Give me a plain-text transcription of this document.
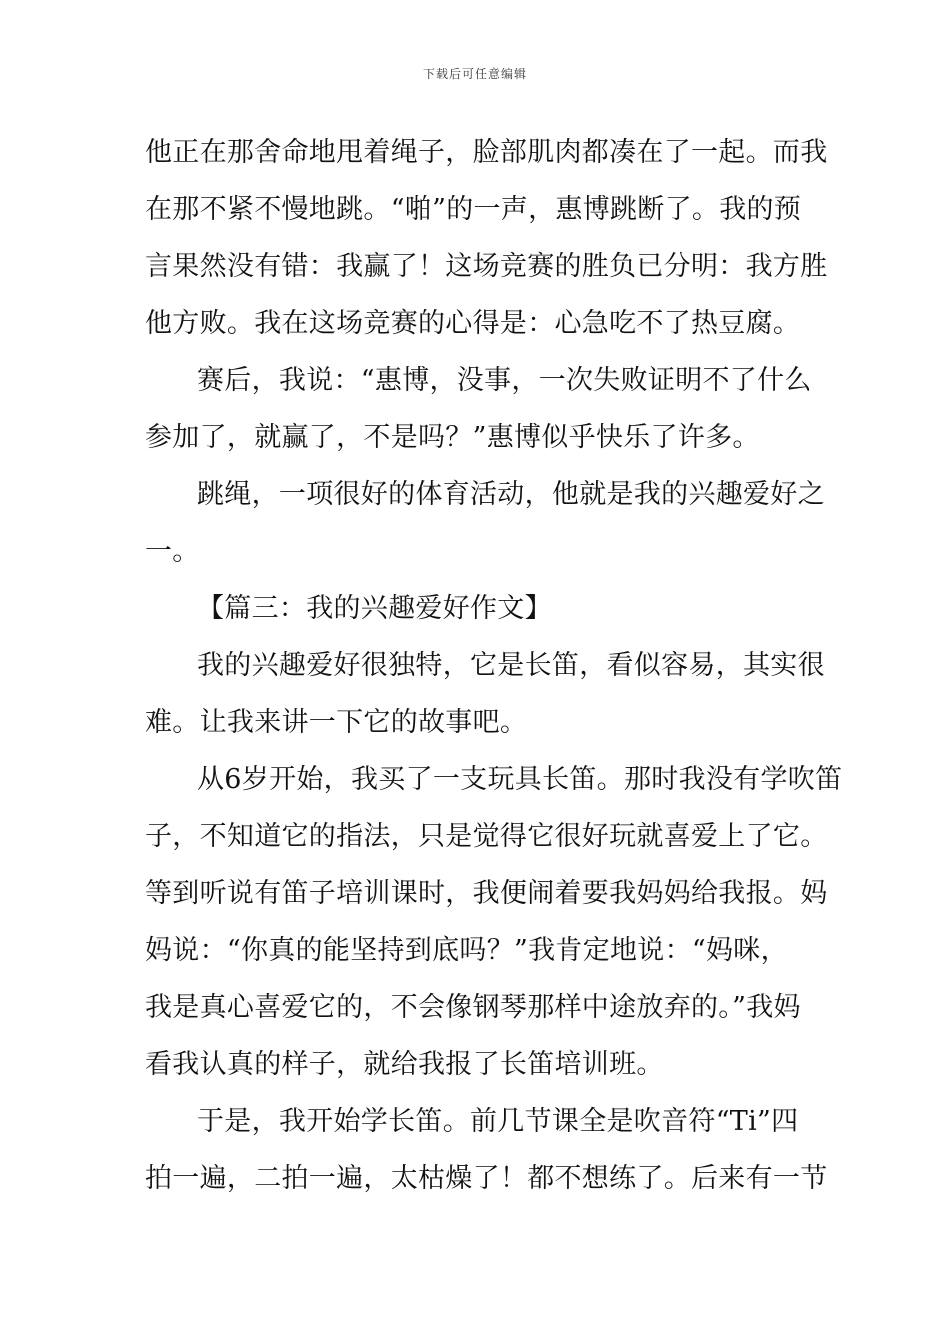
下载后可任意编辑
他正在那舍命地甩着绳子，脸部肌肉都凑在了一起。而我
在那不紧不慢地跳。“啪”的一声，惠博跳断了。我的预
言果然没有错：我赢了！这场竞赛的胜负已分明：我方胜
他方败。我在这场竞赛的心得是：心急吃不了热豆腐。
赛后，我说：“惠博，没事，一次失败证明不了什么
参加了，就赢了，不是吗？”惠博似乎快乐了许多。
跳绳，一项很好的体育活动，他就是我的兴趣爱好之
一。
【篇三：我的兴趣爱好作文】
我的兴趣爱好很独特，它是长笛，看似容易，其实很
难。让我来讲一下它的故事吧。
从6岁开始，我买了一支玩具长笛。那时我没有学吹笛
子，不知道它的指法，只是觉得它很好玩就喜爱上了它。
等到听说有笛子培训课时，我便闹着要我妈妈给我报。妈
妈说：“你真的能坚持到底吗？”我肯定地说：“妈咪，
我是真心喜爱它的，不会像钢琴那样中途放弃的。”我妈
看我认真的样子，就给我报了长笛培训班。
于是，我开始学长笛。前几节课全是吹音符“Ti”四
拍一遍，二拍一遍，太枯燥了！都不想练了。后来有一节
